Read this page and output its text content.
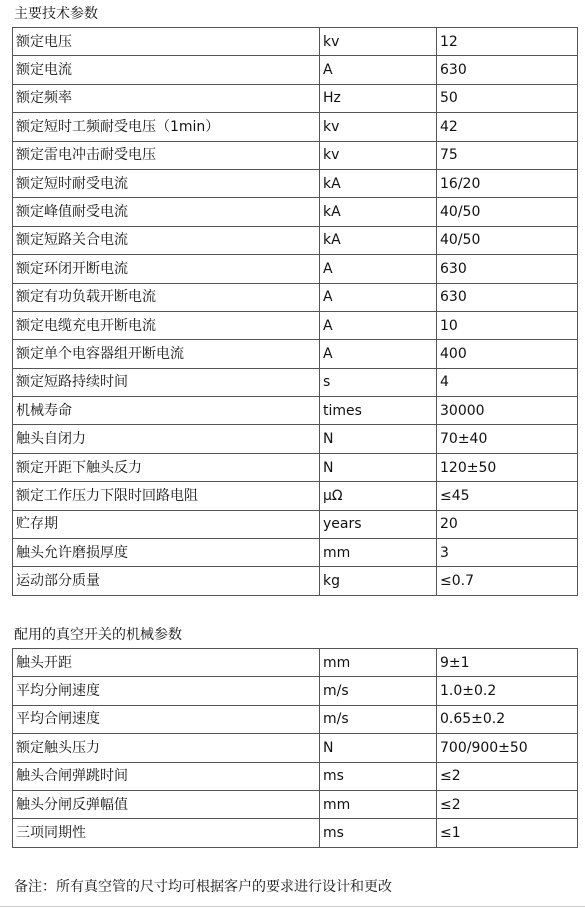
主要技术参数
额定电压	kv	12
额定电流	A	630
额定频率	Hz	50
额定短时工频耐受电压（1min）	kv	42
额定雷电冲击耐受电压	kv	75
额定短时耐受电流	kA	16/20
额定峰值耐受电流	kA	40/50
额定短路关合电流	kA	40/50
额定环闭开断电流	A	630
额定有功负载开断电流	A	630
额定电缆充电开断电流	A	10
额定单个电容器组开断电流	A	400
额定短路持续时间	s	4
机械寿命	times	30000
触头自闭力	N	70±40
额定开距下触头反力	N	120±50
额定工作压力下限时回路电阻	μΩ	≤45
贮存期	years	20
触头允许磨损厚度	mm	3
运动部分质量	kg	≤0.7
配用的真空开关的机械参数
触头开距	mm	9±1
平均分闸速度	m/s	1.0±0.2
平均合闸速度	m/s	0.65±0.2
额定触头压力	N	700/900±50
触头合闸弹跳时间	ms	≤2
触头分闸反弹幅值	mm	≤2
三项同期性	ms	≤1
备注：所有真空管的尺寸均可根据客户的要求进行设计和更改
